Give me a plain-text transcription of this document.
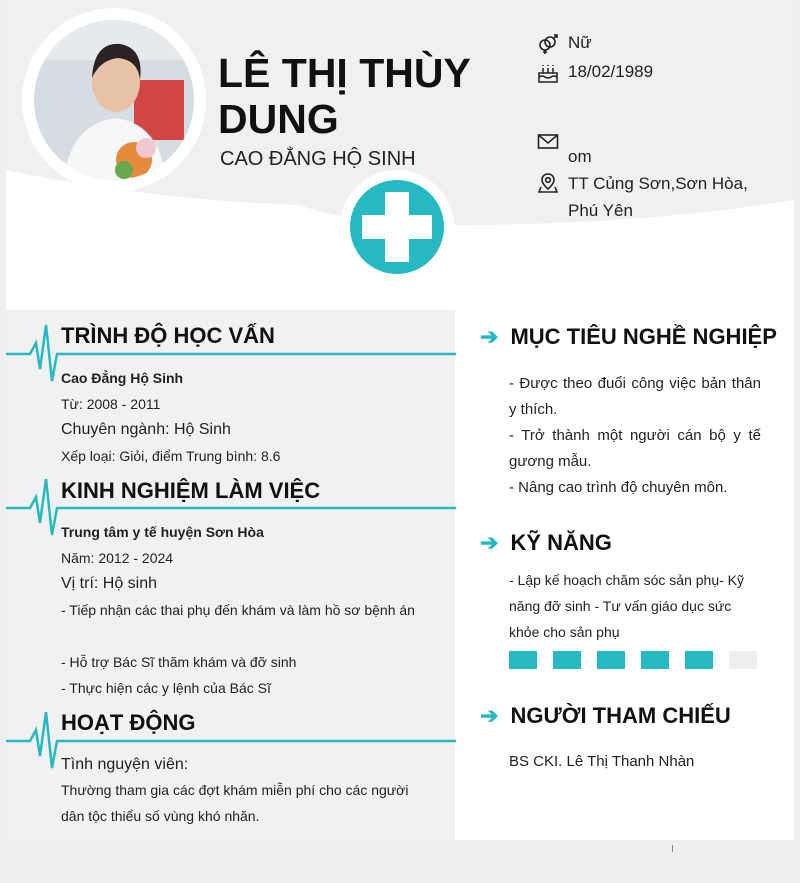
LÊ THỊ THÙY DUNG
CAO ĐẲNG HỘ SINH
Nữ
18/02/1989
om
TT Củng Sơn,Sơn Hòa, Phú Yên
TRÌNH ĐỘ HỌC VẤN
Cao Đẳng Hộ Sinh
Từ: 2008 - 2011
Chuyên ngành: Hộ Sinh
Xếp loại: Giỏi, điểm Trung bình: 8.6
KINH NGHIỆM LÀM VIỆC
Trung tâm y tế huyện Sơn Hòa
Năm: 2012 - 2024
Vị trí: Hộ sinh
- Tiếp nhận các thai phụ đến khám và làm hồ sơ bệnh án
- Hỗ trợ Bác Sĩ thăm khám và đỡ sinh
- Thực hiện các y lệnh của Bác Sĩ
HOẠT ĐỘNG
Tình nguyện viên:
Thường tham gia các đợt khám miễn phí cho các người dân tộc thiểu số vùng khó nhăn.
➔ MỤC TIÊU NGHỀ NGHIỆP
- Được theo đuổi công việc bản thân y thích.
- Trở thành một người cán bộ y tế gương mẫu.
- Nâng cao trình độ chuyên môn.
➔ KỸ NĂNG
- Lập kế hoạch chăm sóc sản phụ- Kỹ năng đỡ sinh - Tư vấn giáo dục sức khỏe cho sản phụ
➔ NGƯỜI THAM CHIẾU
BS CKI. Lê Thị Thanh Nhàn
